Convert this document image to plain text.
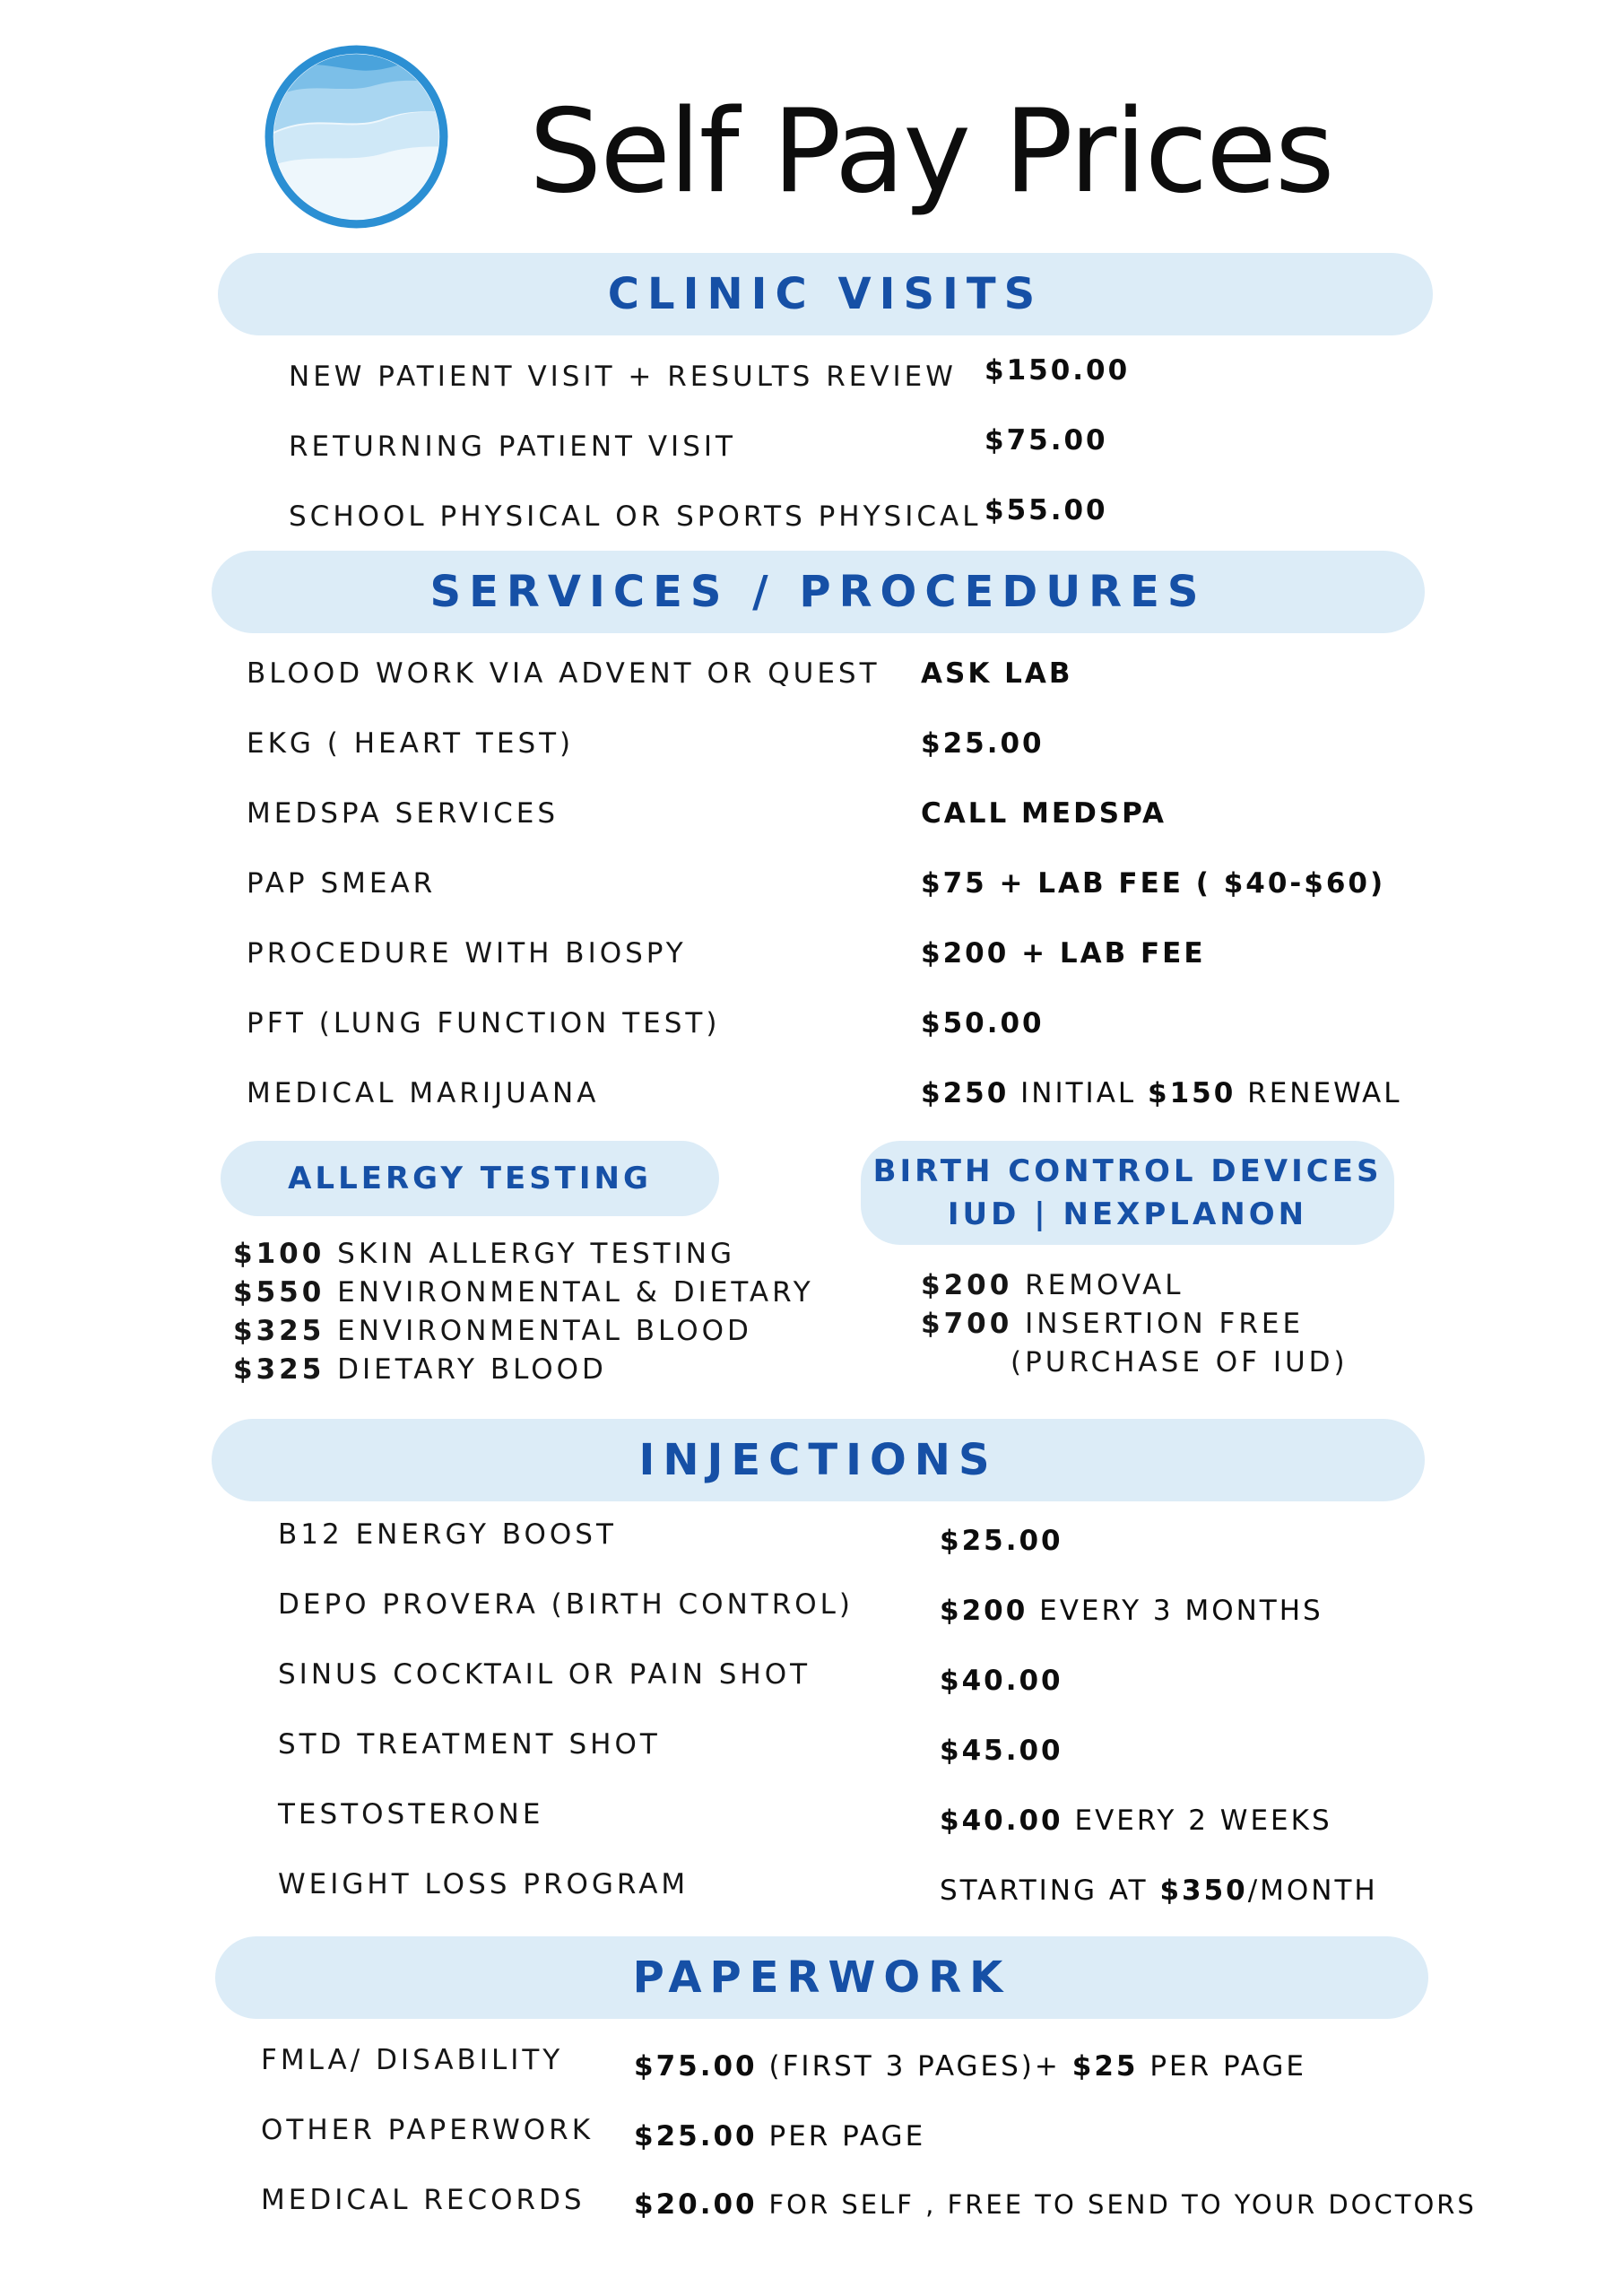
Self Pay Prices
CLINIC VISITS
NEW PATIENT VISIT + RESULTS REVIEW $150.00
RETURNING PATIENT VISIT	$75.00
SCHOOL PHYSICAL OR SPORTS PHYSICAL $55.00
SERVICES / PROCEDURES
BLOOD WORK VIA ADVENT OR QUEST ASK LAB
EKG ( HEART TEST)	$25.00
MEDSPA SERVICES	CALL MEDSPA
PAP SMEAR	$75 + LAB FEE ( $40-$60)
PROCEDURE WITH BIOSPY	$200 + LAB FEE
PFT (LUNG FUNCTION TEST)	$50.00
MEDICAL MARIJUANA	$250 INITIAL $150 RENEWAL
ALLERGY TESTING
$100 SKIN ALLERGY TESTING
$550 ENVIRONMENTAL & DIETARY
$325 ENVIRONMENTAL BLOOD
$325 DIETARY BLOOD
BIRTH CONTROL DEVICES
IUD | NEXPLANON
$200 REMOVAL
$700 INSERTION FREE
(PURCHASE OF IUD)
INJECTIONS
B12 ENERGY BOOST	$25.00
DEPO PROVERA (BIRTH CONTROL)	$200 EVERY 3 MONTHS
SINUS COCKTAIL OR PAIN SHOT	$40.00
STD TREATMENT SHOT	$45.00
TESTOSTERONE	$40.00 EVERY 2 WEEKS
WEIGHT LOSS PROGRAM	STARTING AT $350/MONTH
PAPERWORK
FMLA/ DISABILITY	$75.00 (FIRST 3 PAGES)+ $25 PER PAGE
OTHER PAPERWORK $25.00 PER PAGE
MEDICAL RECORDS $20.00 FOR SELF , FREE TO SEND TO YOUR DOCTORS
